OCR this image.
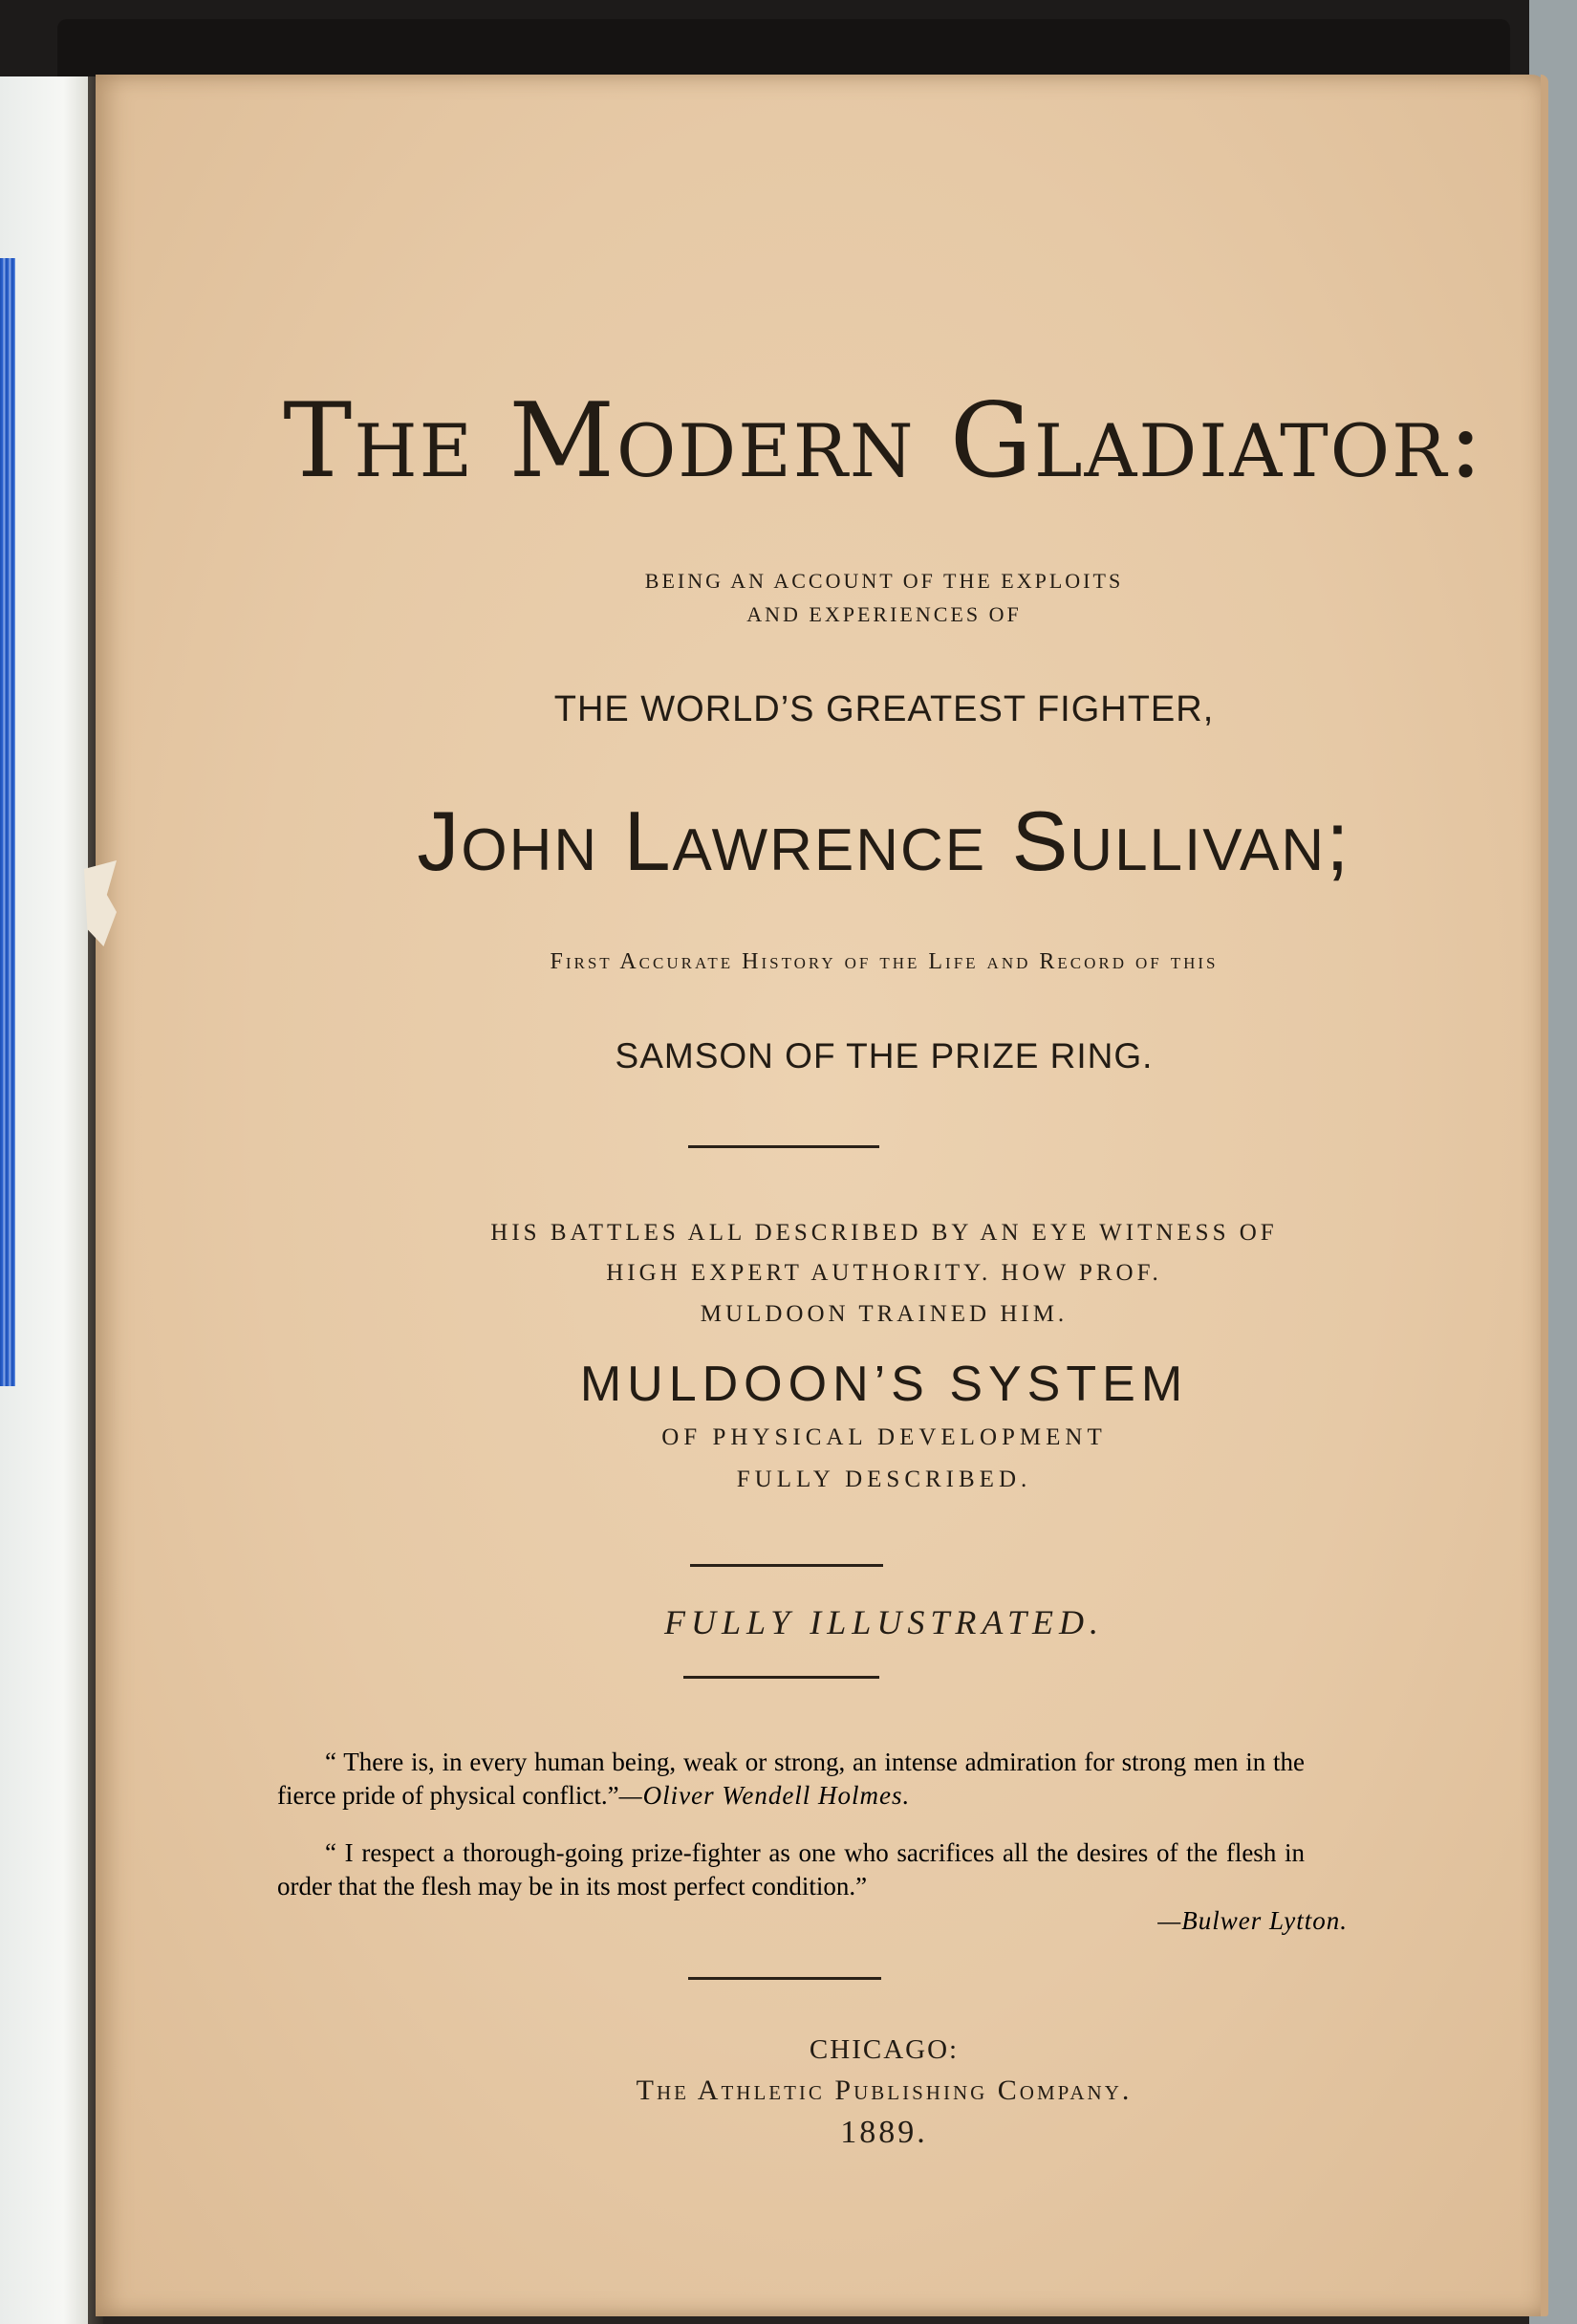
The Modern Gladiator:
BEING AN ACCOUNT OF THE EXPLOITS
AND EXPERIENCES OF
THE WORLD’S GREATEST FIGHTER,
John Lawrence Sullivan;
First Accurate History of the Life and Record of this
SAMSON OF THE PRIZE RING.
HIS BATTLES ALL DESCRIBED BY AN EYE WITNESS OF
HIGH EXPERT AUTHORITY. HOW PROF.
MULDOON TRAINED HIM.
MULDOON’S SYSTEM
OF PHYSICAL DEVELOPMENT
FULLY DESCRIBED.
FULLY ILLUSTRATED.
“ There is, in every human being, weak or strong, an intense admiration for strong men in the fierce pride of physical conflict.”—Oliver Wendell Holmes.
“ I respect a thorough-going prize-fighter as one who sacrifices all the desires of the flesh in order that the flesh may be in its most perfect condition.”
—Bulwer Lytton.
CHICAGO:
The Athletic Publishing Company.
1889.
